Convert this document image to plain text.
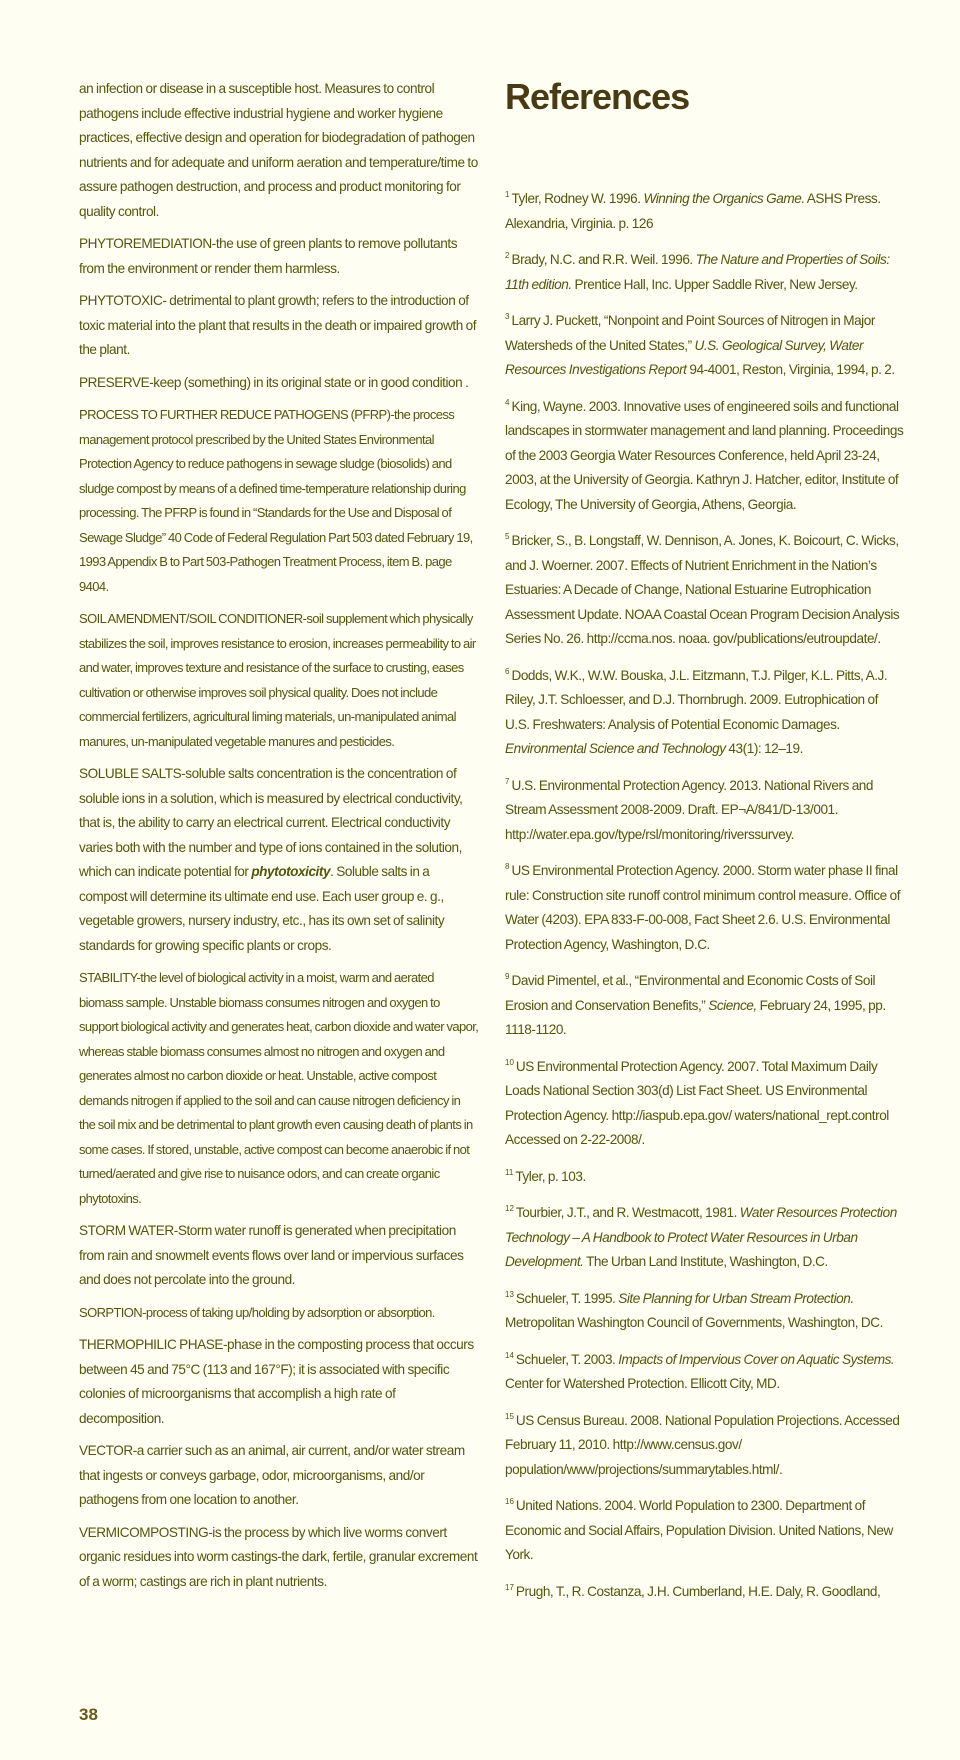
an infection or disease in a susceptible host. Measures to control pathogens include effective industrial hygiene and worker hygiene practices, effective design and operation for biodegradation of pathogen nutrients and for adequate and uniform aeration and temperature/time to assure pathogen destruction, and process and product monitoring for quality control.

PHYTOREMEDIATION-the use of green plants to remove pollutants from the environment or render them harmless.

PHYTOTOXIC- detrimental to plant growth; refers to the introduction of toxic material into the plant that results in the death or impaired growth of the plant.

PRESERVE-keep (something) in its original state or in good condition .

PROCESS TO FURTHER REDUCE PATHOGENS (PFRP)-the process management protocol prescribed by the United States Environmental Protection Agency to reduce pathogens in sewage sludge (biosolids) and sludge compost by means of a defined time-temperature relationship during processing. The PFRP is found in “Standards for the Use and Disposal of Sewage Sludge” 40 Code of Federal Regulation Part 503 dated February 19, 1993 Appendix B to Part 503-Pathogen Treatment Process, item B. page 9404.

SOIL AMENDMENT/SOIL CONDITIONER-soil supplement which physically stabilizes the soil, improves resistance to erosion, increases permeability to air and water, improves texture and resistance of the surface to crusting, eases cultivation or otherwise improves soil physical quality. Does not include commercial fertilizers, agricultural liming materials, un-manipulated animal manures, un-manipulated vegetable manures and pesticides.

SOLUBLE SALTS-soluble salts concentration is the concentration of soluble ions in a solution, which is measured by electrical conductivity, that is, the ability to carry an electrical current. Electrical conductivity varies both with the number and type of ions contained in the solution, which can indicate potential for phytotoxicity. Soluble salts in a compost will determine its ultimate end use. Each user group e. g., vegetable growers, nursery industry, etc., has its own set of salinity standards for growing specific plants or crops.

STABILITY-the level of biological activity in a moist, warm and aerated biomass sample. Unstable biomass consumes nitrogen and oxygen to support biological activity and generates heat, carbon dioxide and water vapor, whereas stable biomass consumes almost no nitrogen and oxygen and generates almost no carbon dioxide or heat. Unstable, active compost demands nitrogen if applied to the soil and can cause nitrogen deficiency in the soil mix and be detrimental to plant growth even causing death of plants in some cases. If stored, unstable, active compost can become anaerobic if not turned/aerated and give rise to nuisance odors, and can create organic phytotoxins.

STORM WATER-Storm water runoff is generated when precipitation from rain and snowmelt events flows over land or impervious surfaces and does not percolate into the ground.

SORPTION-process of taking up/holding by adsorption or absorption.

THERMOPHILIC PHASE-phase in the composting process that occurs between 45 and 75°C (113 and 167°F); it is associated with specific colonies of microorganisms that accomplish a high rate of decomposition.

VECTOR-a carrier such as an animal, air current, and/or water stream that ingests or conveys garbage, odor, microorganisms, and/or pathogens from one location to another.

VERMICOMPOSTING-is the process by which live worms convert organic residues into worm castings-the dark, fertile, granular excrement of a worm; castings are rich in plant nutrients.

References

$^1$ Tyler, Rodney W. 1996. Winning the Organics Game. ASHS Press. Alexandria, Virginia. p. 126

$^2$ Brady, N.C. and R.R. Weil. 1996. The Nature and Properties of Soils: 11th edition. Prentice Hall, Inc. Upper Saddle River, New Jersey.

$^3$ Larry J. Puckett, “Nonpoint and Point Sources of Nitrogen in Major Watersheds of the United States,” U.S. Geological Survey, Water Resources Investigations Report 94-4001, Reston, Virginia, 1994, p. 2.

$^4$ King, Wayne. 2003. Innovative uses of engineered soils and functional landscapes in stormwater management and land planning. Proceedings of the 2003 Georgia Water Resources Conference, held April 23-24, 2003, at the University of Georgia. Kathryn J. Hatcher, editor, Institute of Ecology, The University of Georgia, Athens, Georgia.

$^5$ Bricker, S., B. Longstaff, W. Dennison, A. Jones, K. Boicourt, C. Wicks, and J. Woerner. 2007. Effects of Nutrient Enrichment in the Nation’s Estuaries: A Decade of Change, National Estuarine Eutrophication Assessment Update. NOAA Coastal Ocean Program Decision Analysis Series No. 26. http://ccma.nos. noaa. gov/publications/eutroupdate/.

$^6$ Dodds, W.K., W.W. Bouska, J.L. Eitzmann, T.J. Pilger, K.L. Pitts, A.J. Riley, J.T. Schloesser, and D.J. Thornbrugh. 2009. Eutrophication of U.S. Freshwaters: Analysis of Potential Economic Damages. Environmental Science and Technology 43(1): 12–19.

$^7$ U.S. Environmental Protection Agency. 2013. National Rivers and Stream Assessment 2008-2009. Draft. EP¬A/841/D-13/001. http://water.epa.gov/type/rsl/monitoring/riverssurvey.

$^8$ US Environmental Protection Agency. 2000. Storm water phase II final rule: Construction site runoff control minimum control measure. Office of Water (4203). EPA 833-F-00-008, Fact Sheet 2.6. U.S. Environmental Protection Agency, Washington, D.C.

$^9$ David Pimentel, et al., “Environmental and Economic Costs of Soil Erosion and Conservation Benefits,” Science, February 24, 1995, pp. 1118-1120.

$^{10}$ US Environmental Protection Agency. 2007. Total Maximum Daily Loads National Section 303(d) List Fact Sheet. US Environmental Protection Agency. http://iaspub.epa.gov/ waters/national_rept.control Accessed on 2-22-2008/.

$^{11}$ Tyler, p. 103.

$^{12}$ Tourbier, J.T., and R. Westmacott, 1981. Water Resources Protection Technology – A Handbook to Protect Water Resources in Urban Development. The Urban Land Institute, Washington, D.C.

$^{13}$ Schueler, T. 1995. Site Planning for Urban Stream Protection. Metropolitan Washington Council of Governments, Washington, DC.

$^{14}$ Schueler, T. 2003. Impacts of Impervious Cover on Aquatic Systems. Center for Watershed Protection. Ellicott City, MD.

$^{15}$ US Census Bureau. 2008. National Population Projections. Accessed February 11, 2010. http://www.census.gov/ population/www/projections/summarytables.html/.

$^{16}$ United Nations. 2004. World Population to 2300. Department of Economic and Social Affairs, Population Division. United Nations, New York.

$^{17}$ Prugh, T., R. Costanza, J.H. Cumberland, H.E. Daly, R. Goodland,

38
